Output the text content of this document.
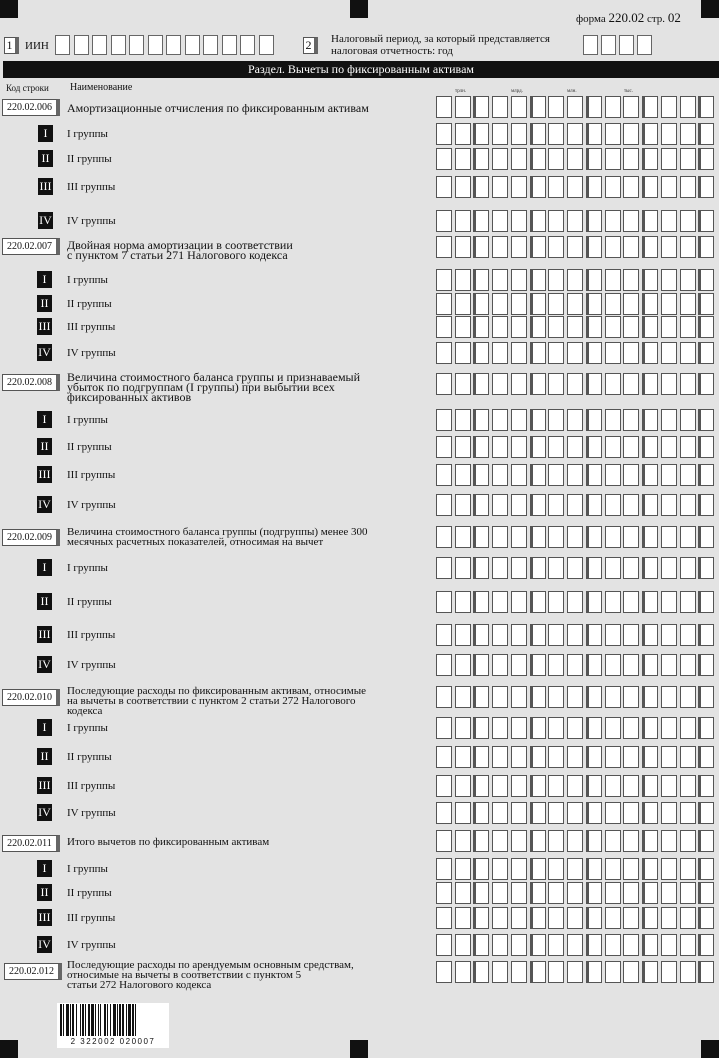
форма 220.02 стр. 02
1	ИИН	2	Налоговый период, за который представляется
налоговая отчетность: год
Раздел. Вычеты по фиксированным активам
Код строки Наименование	трлн.	млрд.	млн.	тыс.
220.02.006	Амортизационные отчисления по фиксированным активам
I	I группы
II	II группы
III III группы
IV IV группы
220.02.007	Двойная норма амортизации в соответствии
с пунктом 7 статьи 271 Налогового кодекса
I	I группы
II	II группы
III III группы
IV IV группы
220.02.008	Величина стоимостного баланса группы и признаваемый
убыток по подгруппам (I группы) при выбытии всех
фиксированных активов
I	I группы
II	II группы
III III группы
IV IV группы
220.02.009	Величина стоимостного баланса группы (подгруппы) менее 300
месячных расчетных показателей, относимая на вычет
I	I группы
II	II группы
III III группы
IV IV группы
220.02.010
Последующие расходы по фиксированным активам, относимые
на вычеты в соответствии с пунктом 2 статьи 272 Налогового
кодекса
I	I группы
II	II группы
III III группы
IV IV группы
220.02.011	Итого вычетов по фиксированным активам
I	I группы
II	II группы
III III группы
IV IV группы
220.02.012
Последующие расходы по арендуемым основным средствам,
относимые на вычеты в соответствии с пунктом 5
статьи 272 Налогового кодекса
2 322002 020007
